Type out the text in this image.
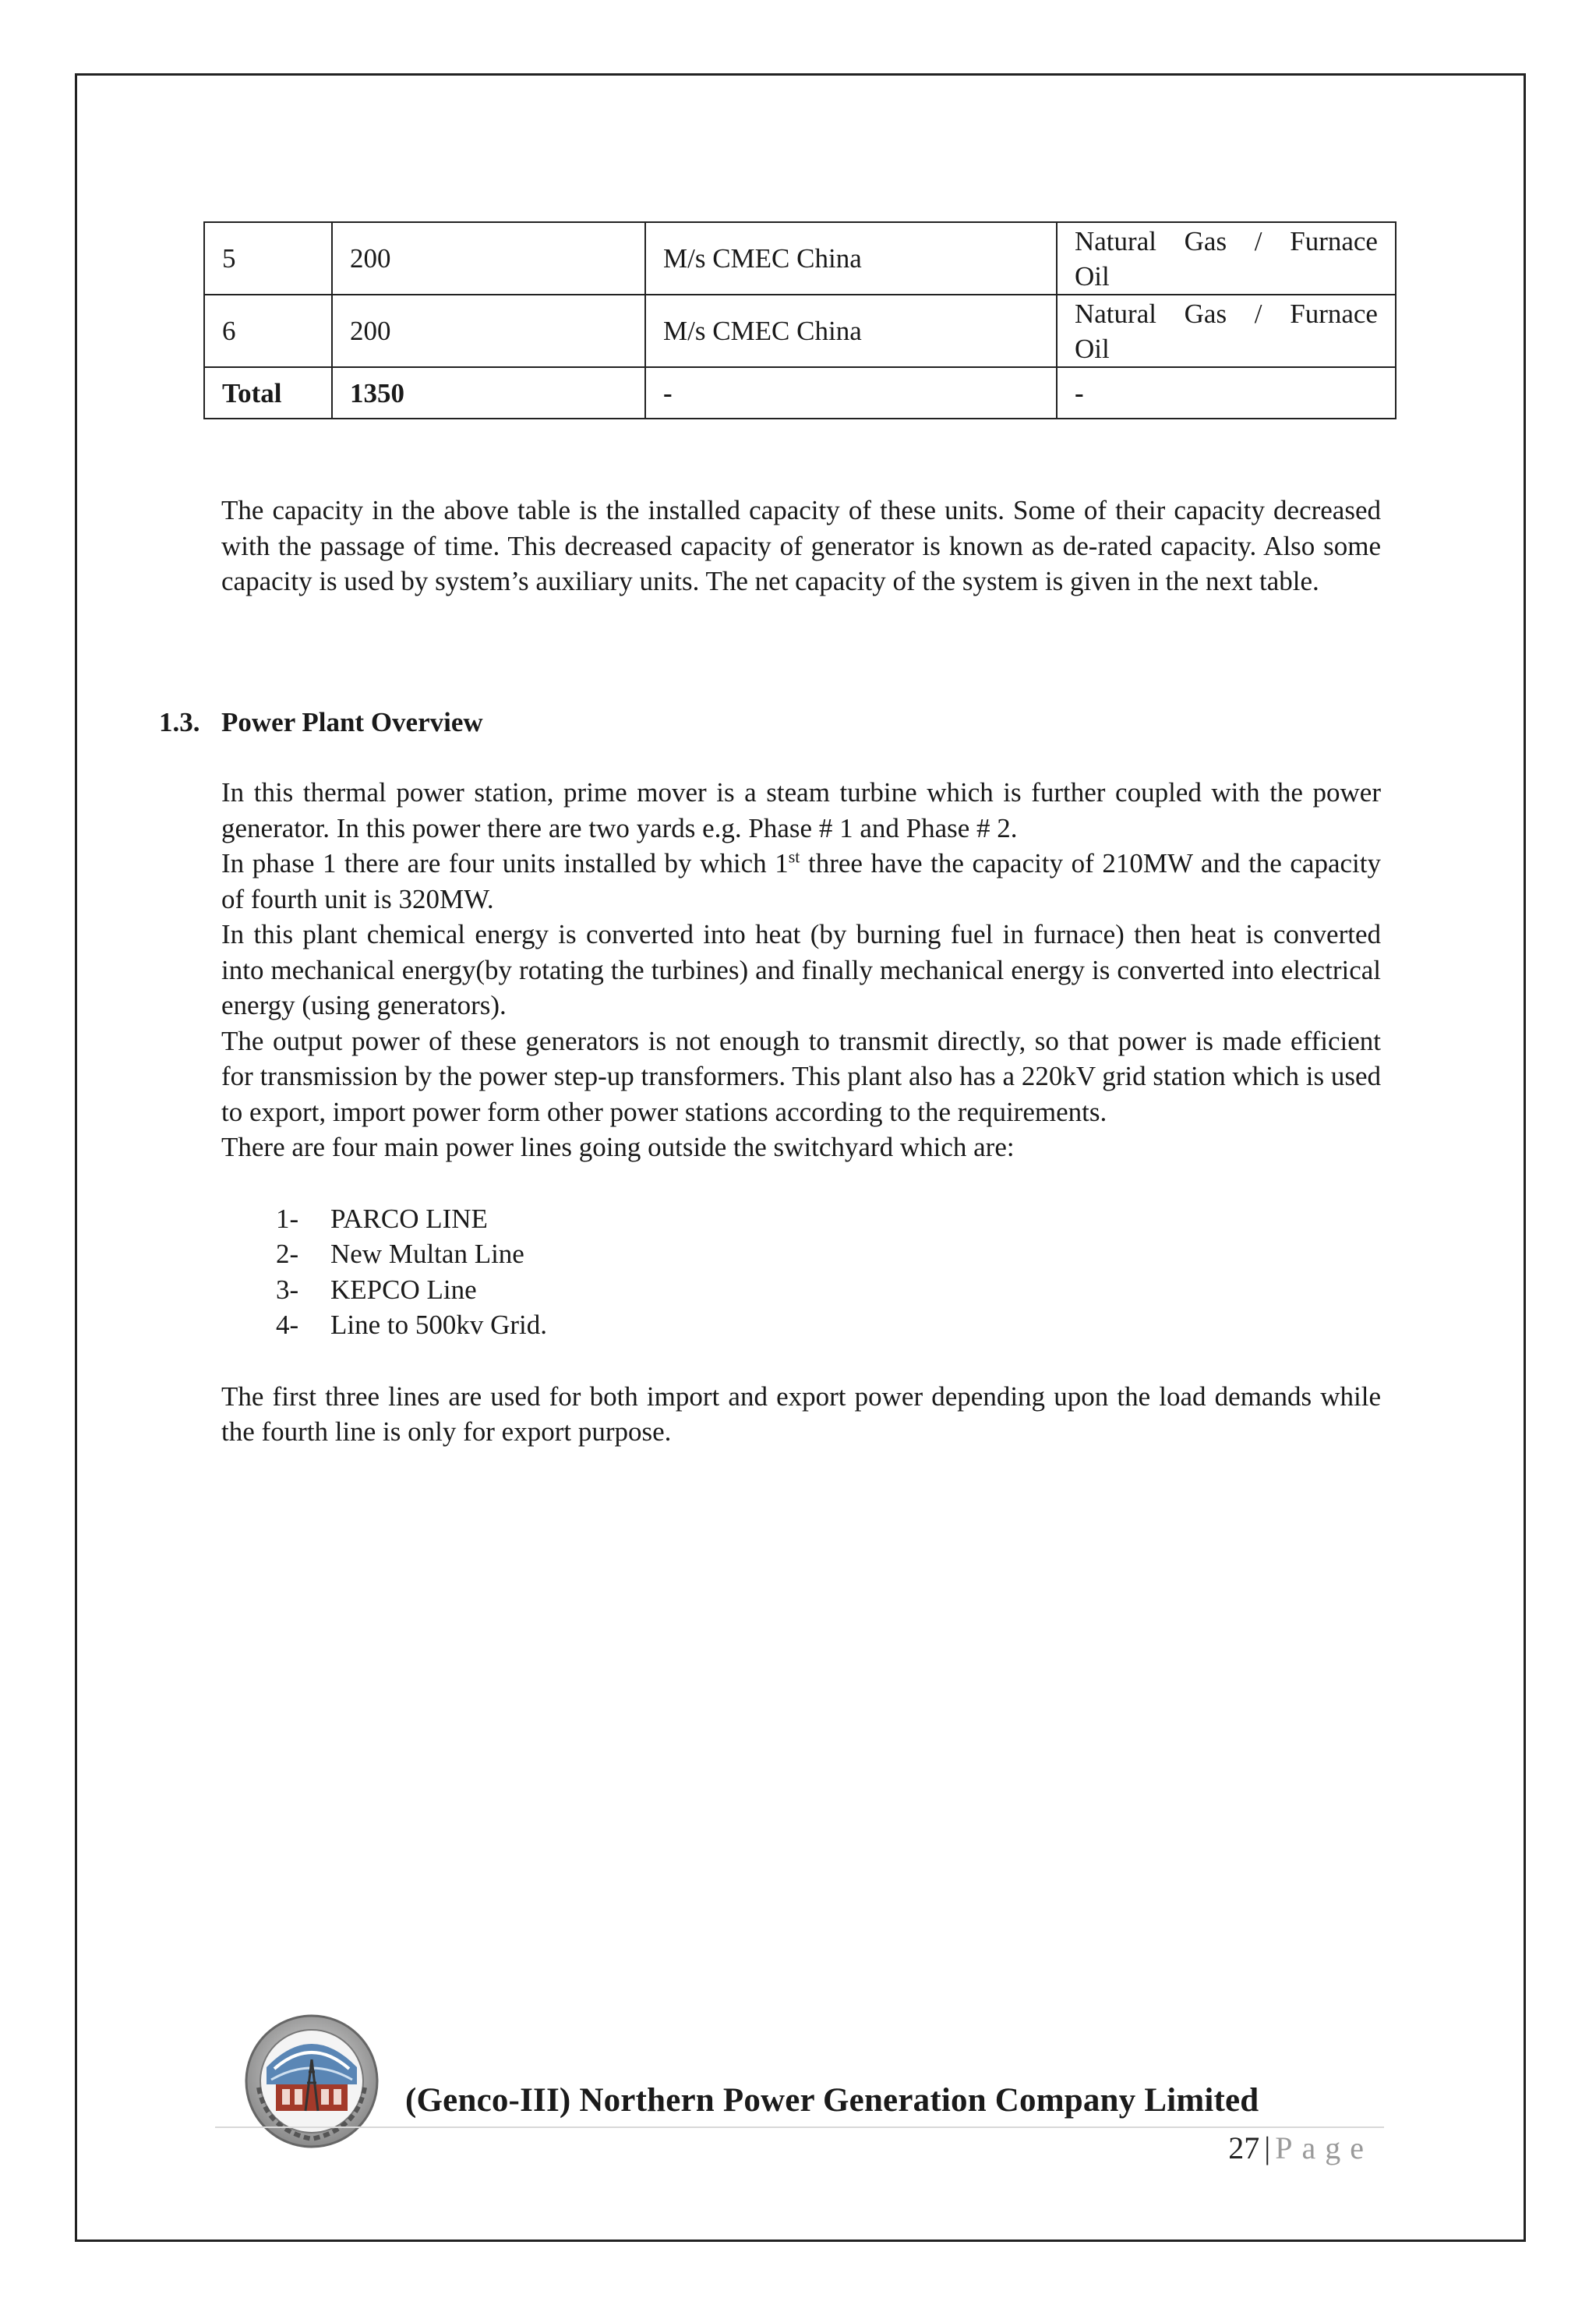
5	200	M/s CMEC China	Natural Gas / Furnace
Oil

6	200	M/s CMEC China	Natural Gas / Furnace
Oil

Total	1350	-	-

The capacity in the above table is the installed capacity of these units. Some of their capacity decreased with the passage of time. This decreased capacity of generator is known as de-rated capacity. Also some capacity is used by system’s auxiliary units. The net capacity of the system is given in the next table.

1.3. Power Plant Overview

In this thermal power station, prime mover is a steam turbine which is further coupled with the power generator. In this power there are two yards e.g. Phase # 1 and Phase # 2.

In phase 1 there are four units installed by which 1st three have the capacity of 210MW and the capacity of fourth unit is 320MW.

In this plant chemical energy is converted into heat (by burning fuel in furnace) then heat is converted into mechanical energy(by rotating the turbines) and finally mechanical energy is converted into electrical energy (using generators).

The output power of these generators is not enough to transmit directly, so that power is made efficient for transmission by the power step-up transformers. This plant also has a 220kV grid station which is used to export, import power form other power stations according to the requirements.

There are four main power lines going outside the switchyard which are:

1-	PARCO LINE
2-	New Multan Line
3-	KEPCO Line
4-	Line to 500kv Grid.

The first three lines are used for both import and export power depending upon the load demands while the fourth line is only for export purpose.

(Genco-III) Northern Power Generation Company Limited
27 | Page
